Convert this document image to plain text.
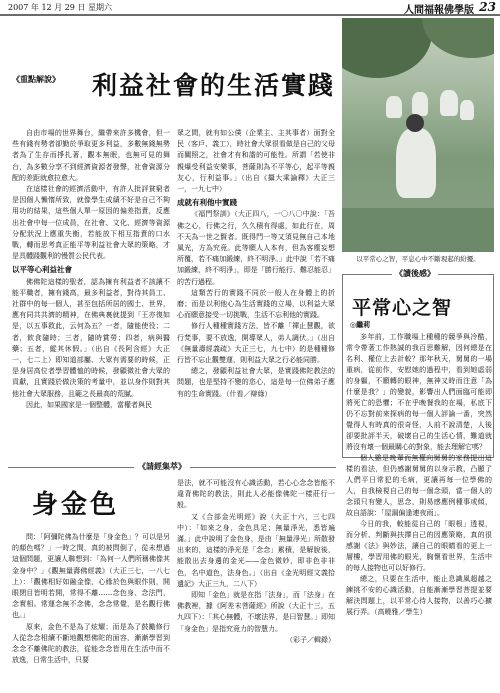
2007 年 12 月 29 日 星期六	人間福報佛學版 23
《重點解說》 利益社會的生活實踐

自由市場的世界舞台，繼帶來許多機會，但一些有錢有勢者卻勤於爭取更多利益，多數無錢無勢者為了生存而掙扎著，觀本無眠，也無可見的舞台，為多數分享不到經濟資源者發聲，社會資源分配的差距就愈拉愈大。

在這樣社會的經濟活動中，有許人批評貧窮者是因個人懶惰所致，就像學生成績不好是自己不夠用功的結果，這些個人單一原因的偏差指責，反應出社會中每一位成員，在社會、文化、經濟等資源分配狀況上應重失衡，若能放下相互指責的口水戰，轉而思考真正能平等利益社會大眾的策略，才是具體踐觀利的慢質公民代表。

以平等心利益社會

佛佛陀這樣的聖者，認為擁有利益者不該讓不能平職者，擁有錢高，最多利益者，對待其員工、社群中的每一個人，甚至包括所居的國土、世界，應有同共共濟的精神，在佛典裏就提到「王亦復如是，以五事救此，云何為五？一者，隨能使役；二者，飲食隨時；三者，隨時賞勞；四者，病與醫藥；五者，縱其休假。」（出自《長阿含經》大正一，七二上）即知道部屬、大眾有需要的時候，正是身居高位者學習體恤的時候，發顧微社會大眾的貢獻，且實踐於做決策的考量中，並以身作則對其他社會大眾服務，且範之長最高的荒膩。

因此，如果國家是一個整體，當權者與民

眾之間，就有如公僕（企業主、主其事者）面對全民（客戶、義工），時社會大眾很看做是自己的父母而關照之，社會才有和諧的可能性。所謂「若使非親爆受利益安樂事，菩薩則為不平等心，起平等親友心，行利益事。」（出自《攝大乘論釋》大正三一，一九七中）

成就有利他中實踐

《福門祭訓》（大正四八，一〇八〇中說：「吾佛之心，行佛之行，久久積有得處，如此行在，周不天為一世之賢者。既得門一等又須見無自己本地風光，方為究竟。此等願人人本有，但為客塵妄想所覆，若不痛加鍛練，終不明淨。」此中說「若不痛加鍛練，終不明淨」，即是「勝行能行、難忍能忍」的苦行過程。

這類苦行的實踐不同於一般人在身體上的折磨；而是以利他心為生活實踐的立場，以利益大眾心而願意接受一切挑戰，生活不忘利他的實踐。

修行人種種實踐方法，皆不離「禪止慧觀，欲行梵事，要不放逸，開導眾人，弟人調伏。」（出自《無量壽經義疏》大正三七，九七中）的是種種修行皆不忘止觀雙運，則利益大眾之行必能同勝。

總之，發顧利益社會大眾，是實踐佛陀教法的問題，也是堅持不變的恣心，這是每一位佛弟子應有的生命實踐。（什看／辯綠）

以平常心之智，平息心中不斷現起的紛擾。
《讀後感》
平常心之智
◎繼莉

多年前，工作職場上種種的競爭與冷酷，常令帶著工作熱誠的我百思難解，因何總是在名利、權位上去計較？那年秋天，舅舅的一場重病，從前作，安慰她的過程中，看到她虛弱的身軀，不願轉的眼神，無神又時而注意「為什麼是我？」的變貌，影響出人們面臨可能即將死亡的恐懼；不在乎晚餐我的在場，私底下仍不忘對前來探病的每一個人評論一番，突然覺得人有時真的很奇怪，人前不說清楚，人後卻要批評半天，破壞自己的生活心情，難道就將沒有壞一個最關心的對象，能去理解它嗎？

個人雖是晚輩而無權向舅舅的家務提出這樣的看法，但仍感謝舅舅的以身示教，凸顯了人們平日常犯的毛病，更讓再每一位學佛的人，自我檢視自己的每一個念頭，當一個人的念頭只有變人，思念，則易感應例種事或傾，故自語說：「屋漏偏逢連夜雨」。

今日的我，較能從自己的「眼根」透視，而分析、判斷與扶擇自己的因應策略，真的很感謝《法》與妙法，讓自己的眼睛看的更上一層樓，學習用佛的眼光，胸懷看世界，生活中的每人接物也可以好修行。

總之，只要在生活中，能止息識風超越之鍊挑不安的心識活動，自能漸漸學習菩提並要解決問題上，以平常心待人接物，以善巧心擴展行弄。（高曉雅／學生）

《請經集萃》
身金色

問：「阿彌陀佛為什麼是「身金色」？可以是另的顏色嗎？」一時之間，真的被問倒了，從未想過這個問題，更讓人聯想到：「為何一人們所稱佛像其金身中？」《觀無量壽佛經義》（大正三七，一八七上）：「觀佛相好如融金像，心緣於色與眼作則，開眼閉目皆明若開，常得不離……念色身、念法門，念實相。常運念無不念佛，念念常覺，是名觀行佛也。」

原來，金色不是為了炫耀；而是為了鼓勵修行人從念念相續不斷地觀想佛陀的面容，漸漸學習到念念不離佛陀的教法，從能念念皆用在生活中而不放逸，日常生活中，只要

是法，就不可能沒有心識活動，若心心念念皆能不違背佛陀的教法，則此人必能像佛陀一樣莊行一般。

又《合部金光明經》說（大正十六，三七四中）：「如來之身，金色具足；無量淨光，悉皆遍滿。」此中說明了金色身，是由「無量淨光」所散發出來的，這樣的淨光是「念念」累積，是解脫後，能散出去身邊的金光——金色微妙，即非色非非色，名中道色，法身色。」（出自《金光明經文義拾遺記》大正三九，二八下）

即知「金色」就是在指「法身」，而「法身」在佛教裡，據《阿差末菩薩經》所說（大正十三，五九四下）：「其心無體，不壞法界，是曰智慧。」即知「身金色」是指究竟力的智慧力。

（彩子／輯錄）
